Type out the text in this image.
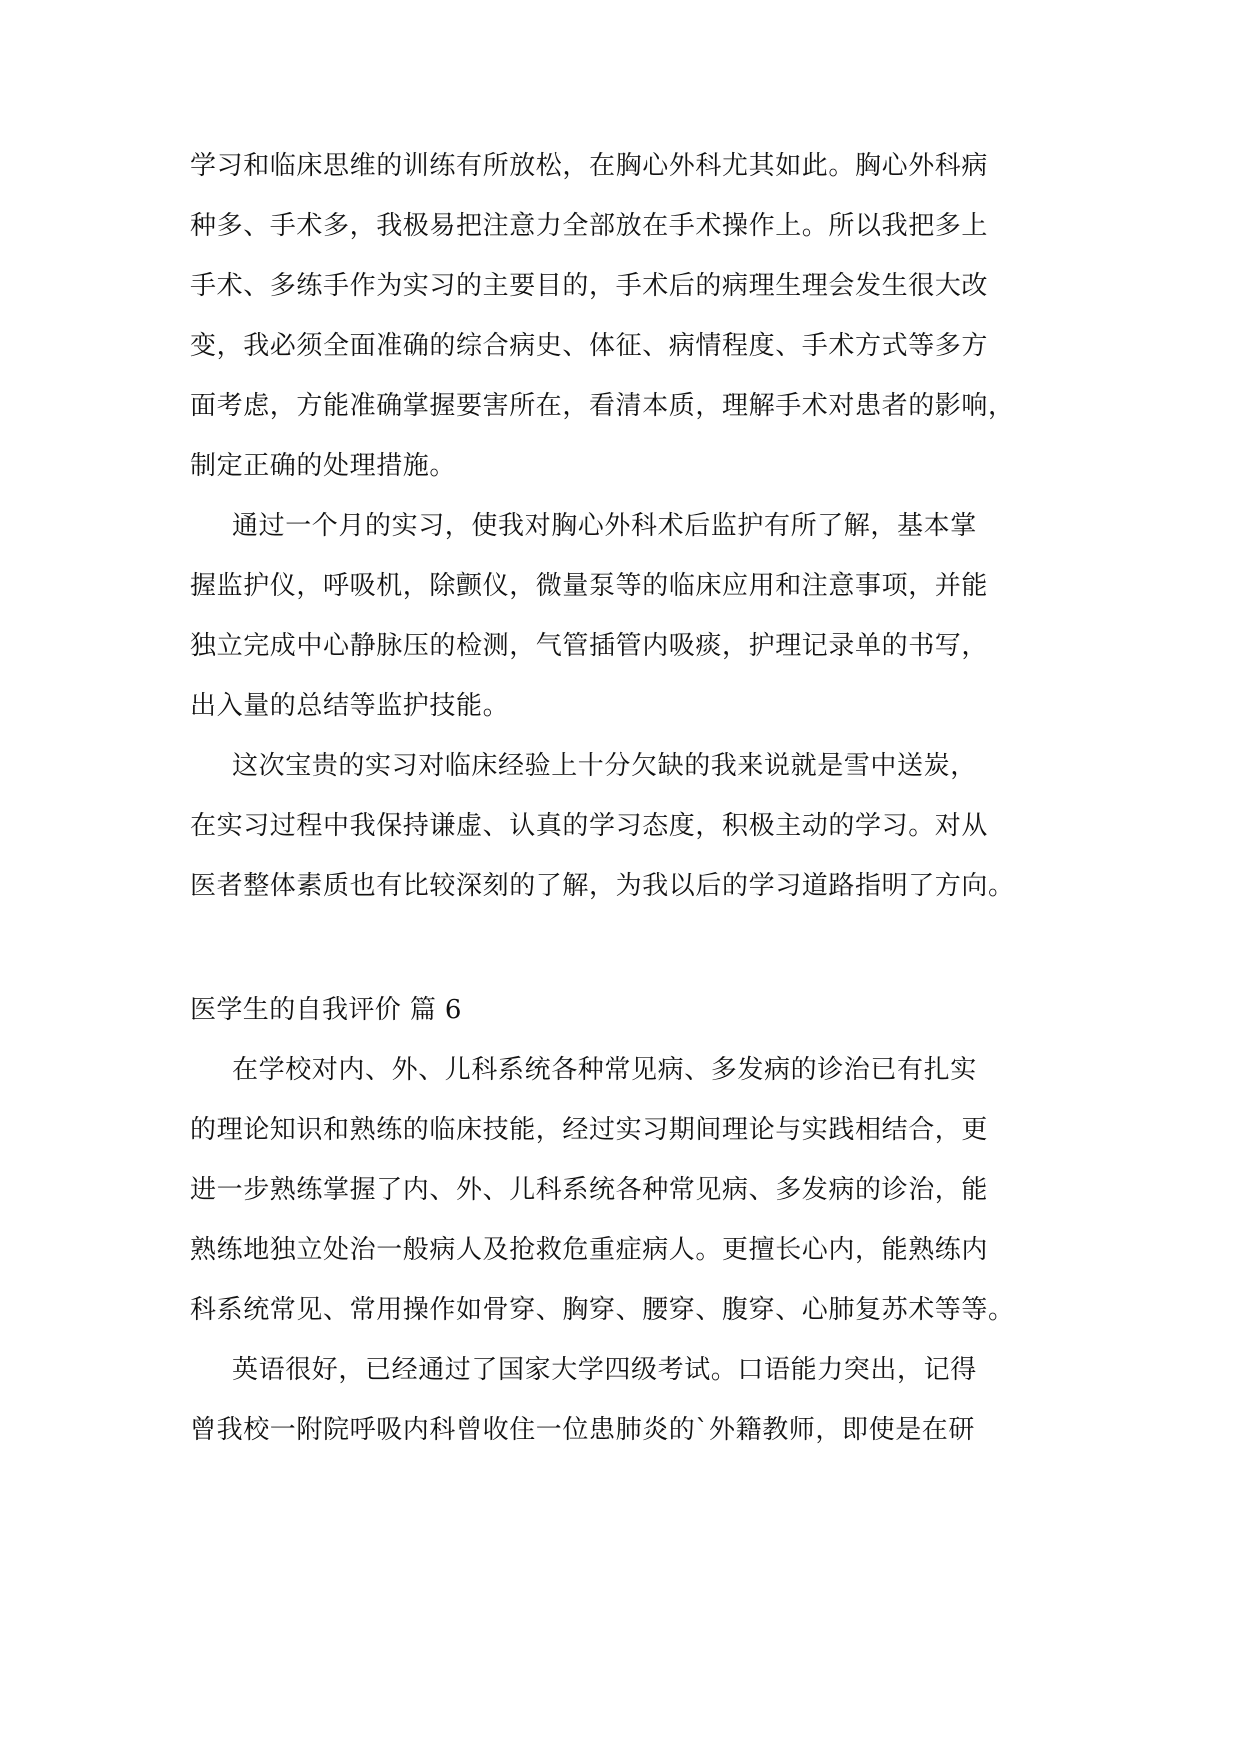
学习和临床思维的训练有所放松，在胸心外科尤其如此。胸心外科病
种多、手术多，我极易把注意力全部放在手术操作上。所以我把多上
手术、多练手作为实习的主要目的，手术后的病理生理会发生很大改
变，我必须全面准确的综合病史、体征、病情程度、手术方式等多方
面考虑，方能准确掌握要害所在，看清本质，理解手术对患者的影响，
制定正确的处理措施。
通过一个月的实习，使我对胸心外科术后监护有所了解，基本掌
握监护仪，呼吸机，除颤仪，微量泵等的临床应用和注意事项，并能
独立完成中心静脉压的检测，气管插管内吸痰，护理记录单的书写，
出入量的总结等监护技能。
这次宝贵的实习对临床经验上十分欠缺的我来说就是雪中送炭，
在实习过程中我保持谦虚、认真的学习态度，积极主动的学习。对从
医者整体素质也有比较深刻的了解，为我以后的学习道路指明了方向。
医学生的自我评价 篇 6
在学校对内、外、儿科系统各种常见病、多发病的诊治已有扎实
的理论知识和熟练的临床技能，经过实习期间理论与实践相结合，更
进一步熟练掌握了内、外、儿科系统各种常见病、多发病的诊治，能
熟练地独立处治一般病人及抢救危重症病人。更擅长心内，能熟练内
科系统常见、常用操作如骨穿、胸穿、腰穿、腹穿、心肺复苏术等等。
英语很好，已经通过了国家大学四级考试。口语能力突出，记得
曾我校一附院呼吸内科曾收住一位患肺炎的`外籍教师，即使是在研
